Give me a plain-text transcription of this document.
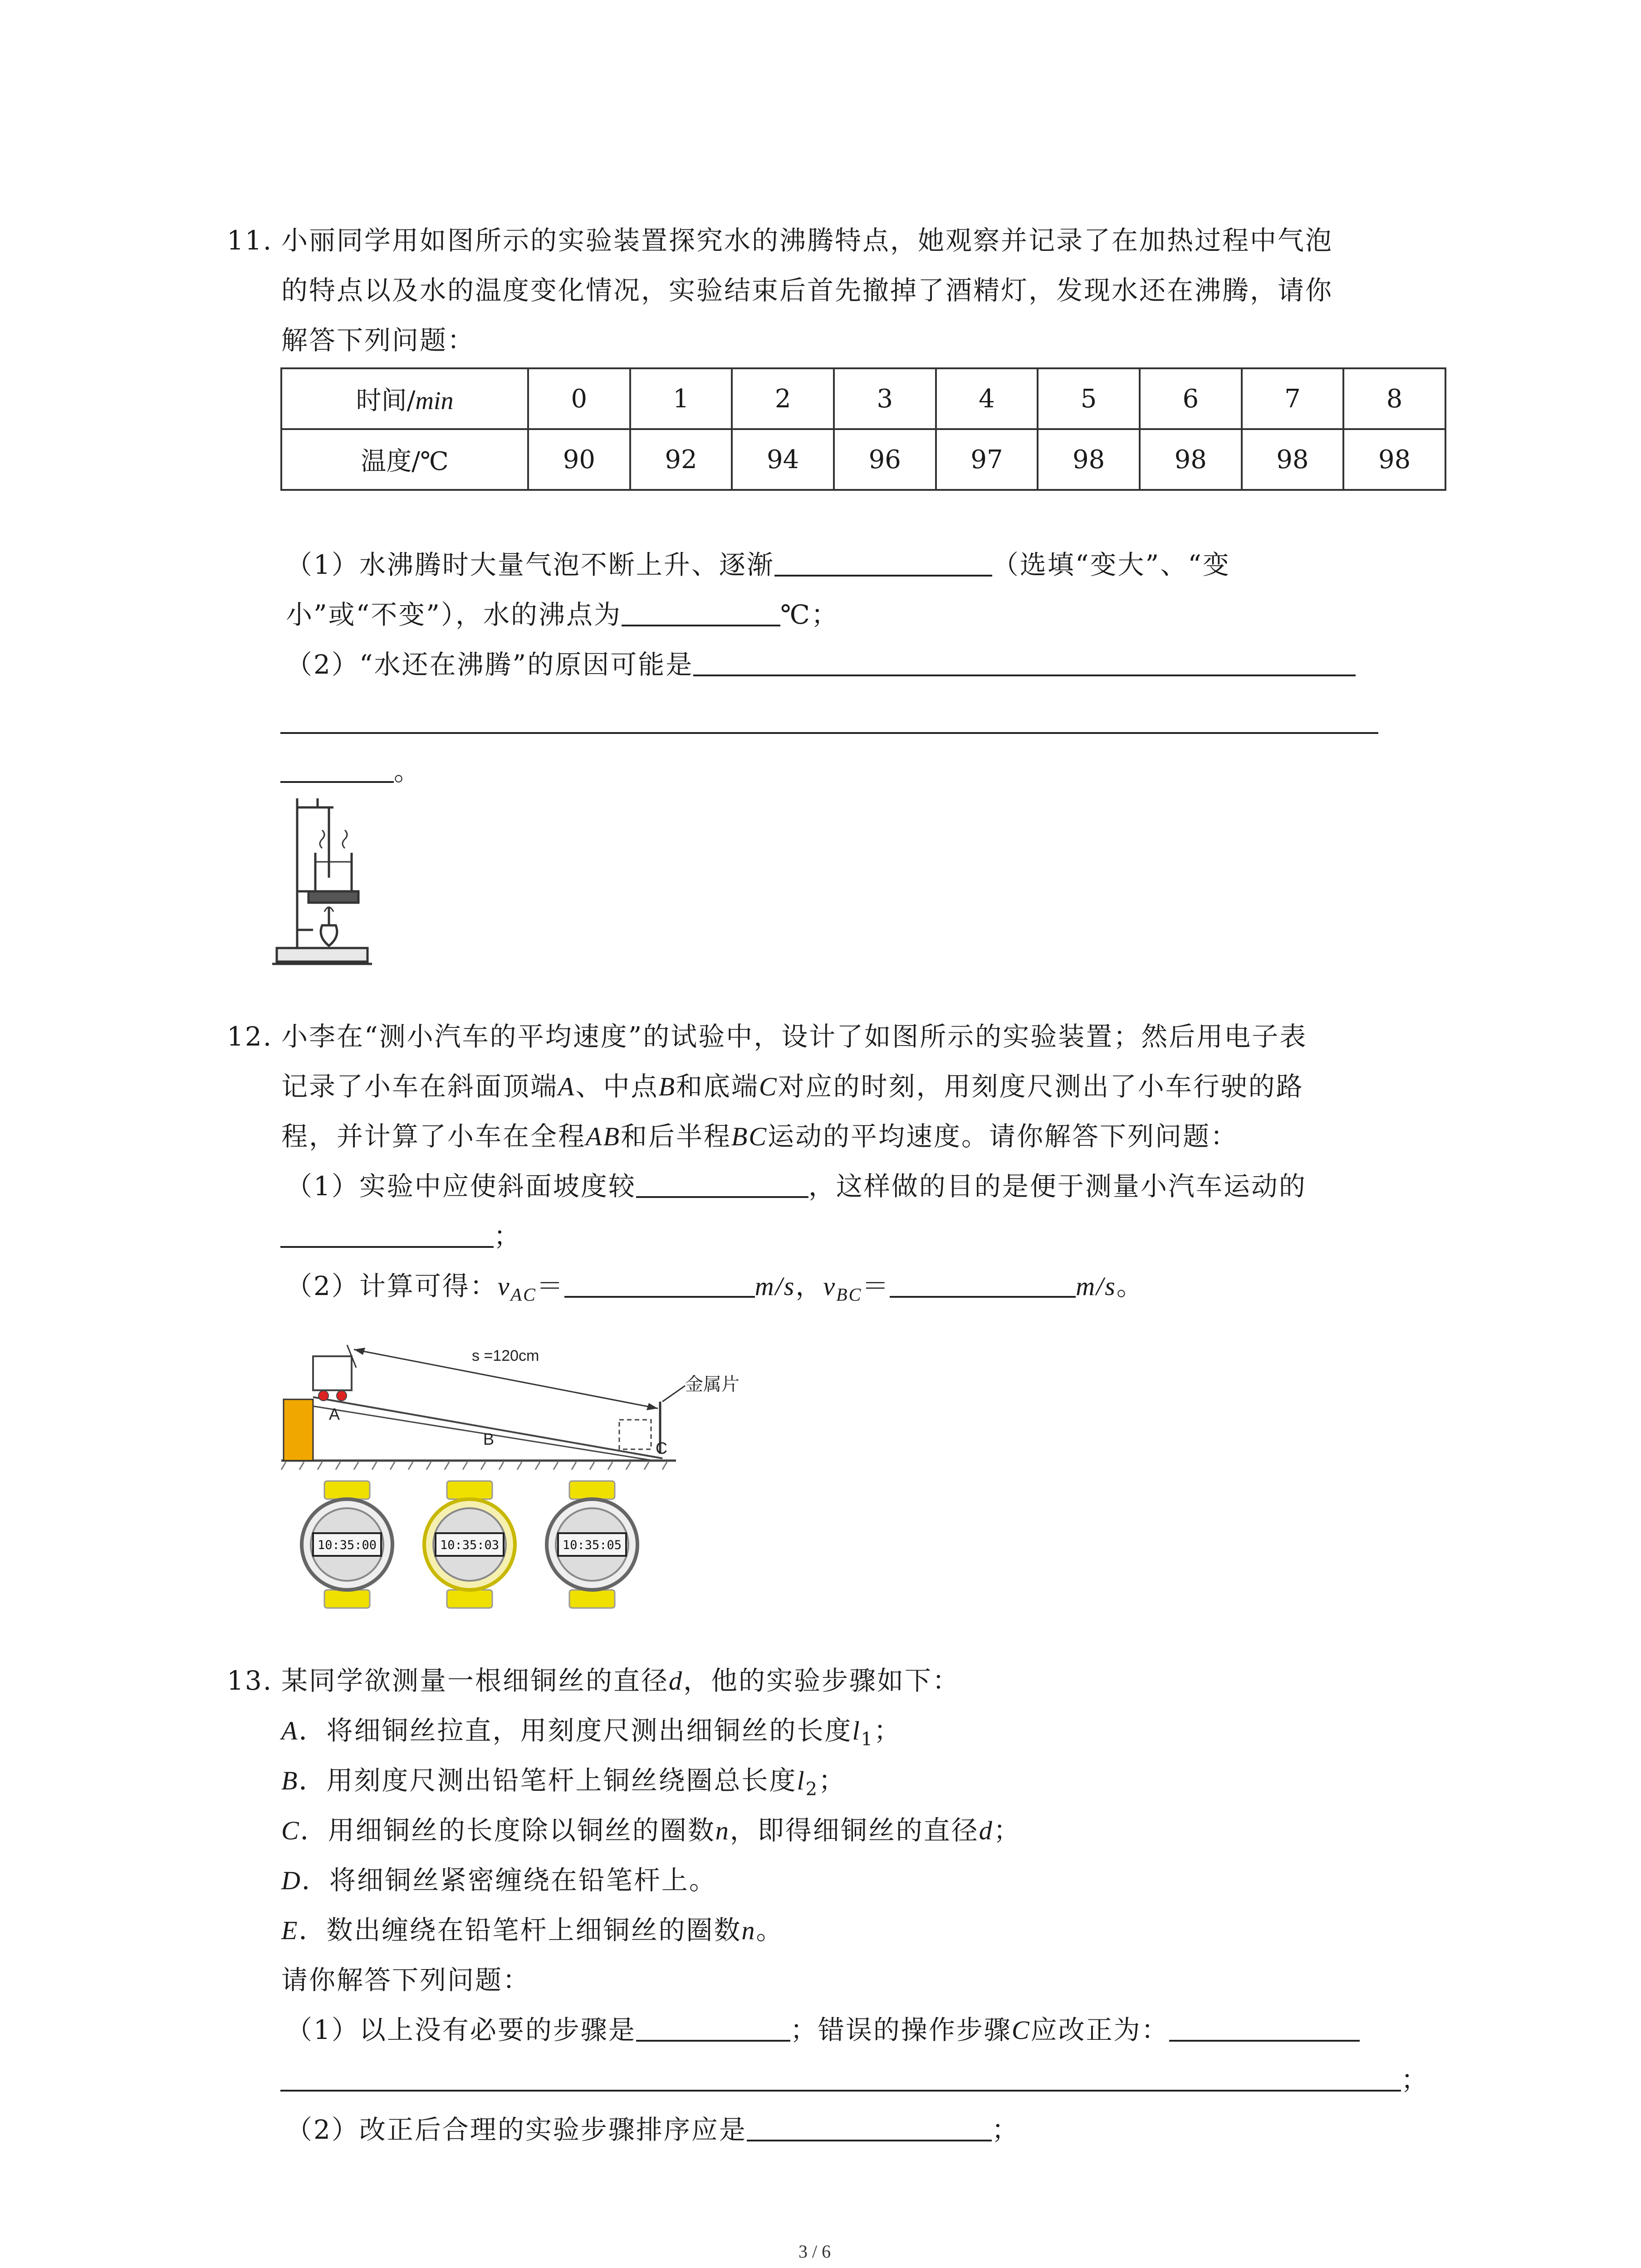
11. 小丽同学用如图所示的实验装置探究水的沸腾特点，她观察并记录了在加热过程中气泡
的特点以及水的温度变化情况，实验结束后首先撤掉了酒精灯，发现水还在沸腾，请你
解答下列问题：
时间/min	0	1	2	3	4	5	6	7	8
温度/℃	90	92	94	96	97	98	98	98	98
（1）水沸腾时大量气泡不断上升、逐渐	（选填“变大”、“变
小”或“不变”），水的沸点为	℃；
（2）“水还在沸腾”的原因可能是
。
12. 小李在“测小汽车的平均速度”的试验中，设计了如图所示的实验装置；然后用电子表
记录了小车在斜面顶端A、中点B和底端C对应的时刻，用刻度尺测出了小车行驶的路
程，并计算了小车在全程AB和后半程BC运动的平均速度。请你解答下列问题：
（1）实验中应使斜面坡度较	，这样做的目的是便于测量小汽车运动的
；
（2）计算可得：$v_{AC}=$	m/s，$v_{BC}=$	m/s。
s =120cm
金属片
A
B	C
10:35:00	10:35:03	10:35:05
13. 某同学欲测量一根细铜丝的直径d，他的实验步骤如下：
A．将细铜丝拉直，用刻度尺测出细铜丝的长度$l_1$；
B．用刻度尺测出铅笔杆上铜丝绕圈总长度$l_2$；
C．用细铜丝的长度除以铜丝的圈数n，即得细铜丝的直径d；
D．将细铜丝紧密缠绕在铅笔杆上。
E．数出缠绕在铅笔杆上细铜丝的圈数n。
请你解答下列问题：
（1）以上没有必要的步骤是	；错误的操作步骤C应改正为：
；
（2）改正后合理的实验步骤排序应是	；
3 / 6
